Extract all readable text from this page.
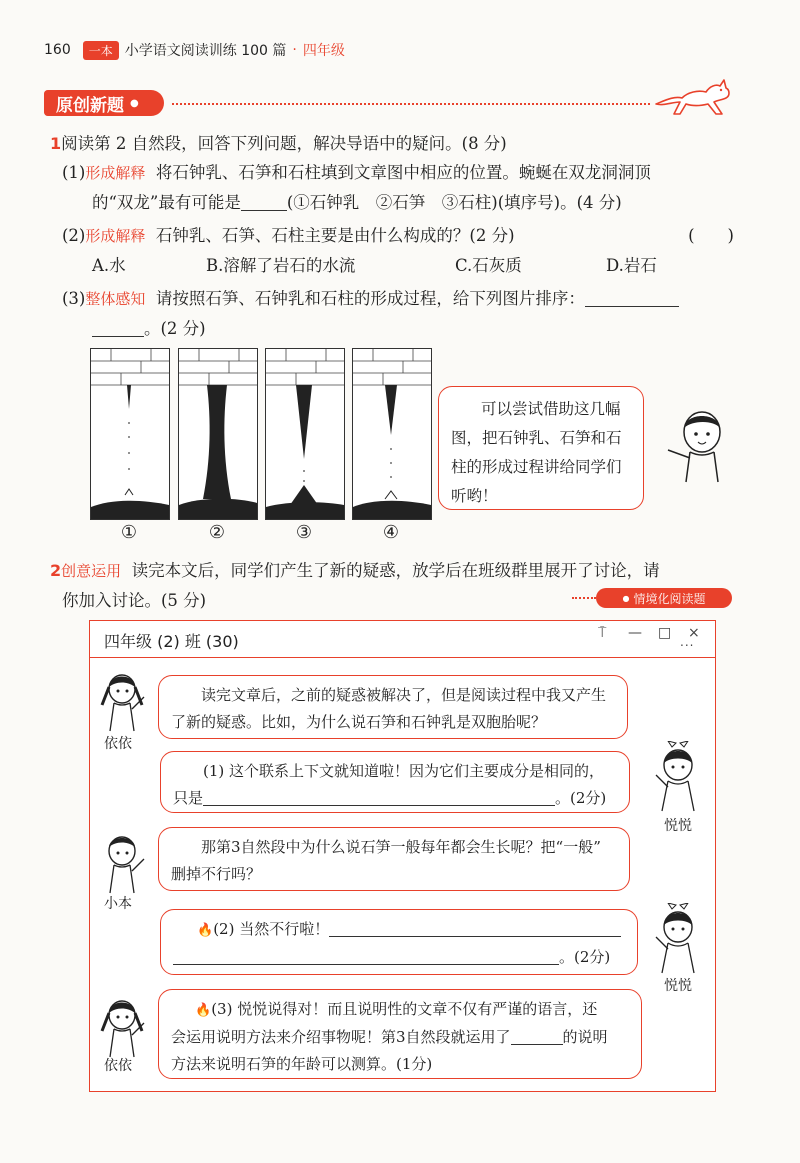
160	一本 小学语文阅读训练 100 篇 · 四年级
原创新题 ●
1阅读第 2 自然段，回答下列问题，解决导语中的疑问。(8 分)
(1)形成解释 将石钟乳、石笋和石柱填到文章图中相应的位置。蜿蜒在双龙洞洞顶
的“双龙”最有可能是	(①石钟乳　②石笋　③石柱)(填序号)。(4 分)
(2)形成解释 石钟乳、石笋、石柱主要是由什么构成的？(2 分)	(　　)
A.水	B.溶解了岩石的水流	C.石灰质	D.岩石
(3)整体感知 请按照石笋、石钟乳和石柱的形成过程，给下列图片排序：
。(2 分)
①	②	③	④
可以尝试借助这几幅
图，把石钟乳、石笋和石
柱的形成过程讲给同学们
听哟！
2创意运用 读完本文后，同学们产生了新的疑惑，放学后在班级群里展开了讨论，请
你加入讨论。(5 分)	● 情境化阅读题
四年级 (2) 班 (30)	⍑ — □ ×
...
依依
读完文章后，之前的疑惑被解决了，但是阅读过程中我又产生
了新的疑惑。比如，为什么说石笋和石钟乳是双胞胎呢？
(1) 这个联系上下文就知道啦！因为它们主要成分是相同的，
只是	。(2分)
悦悦
小本
那第3自然段中为什么说石笋一般每年都会生长呢？把“一般”
删掉不行吗？
🔥(2) 当然不行啦！
。(2分)
悦悦
依依
🔥(3) 悦悦说得对！而且说明性的文章不仅有严谨的语言，还
会运用说明方法来介绍事物呢！第3自然段就运用了	的说明
方法来说明石笋的年龄可以测算。(1分)
